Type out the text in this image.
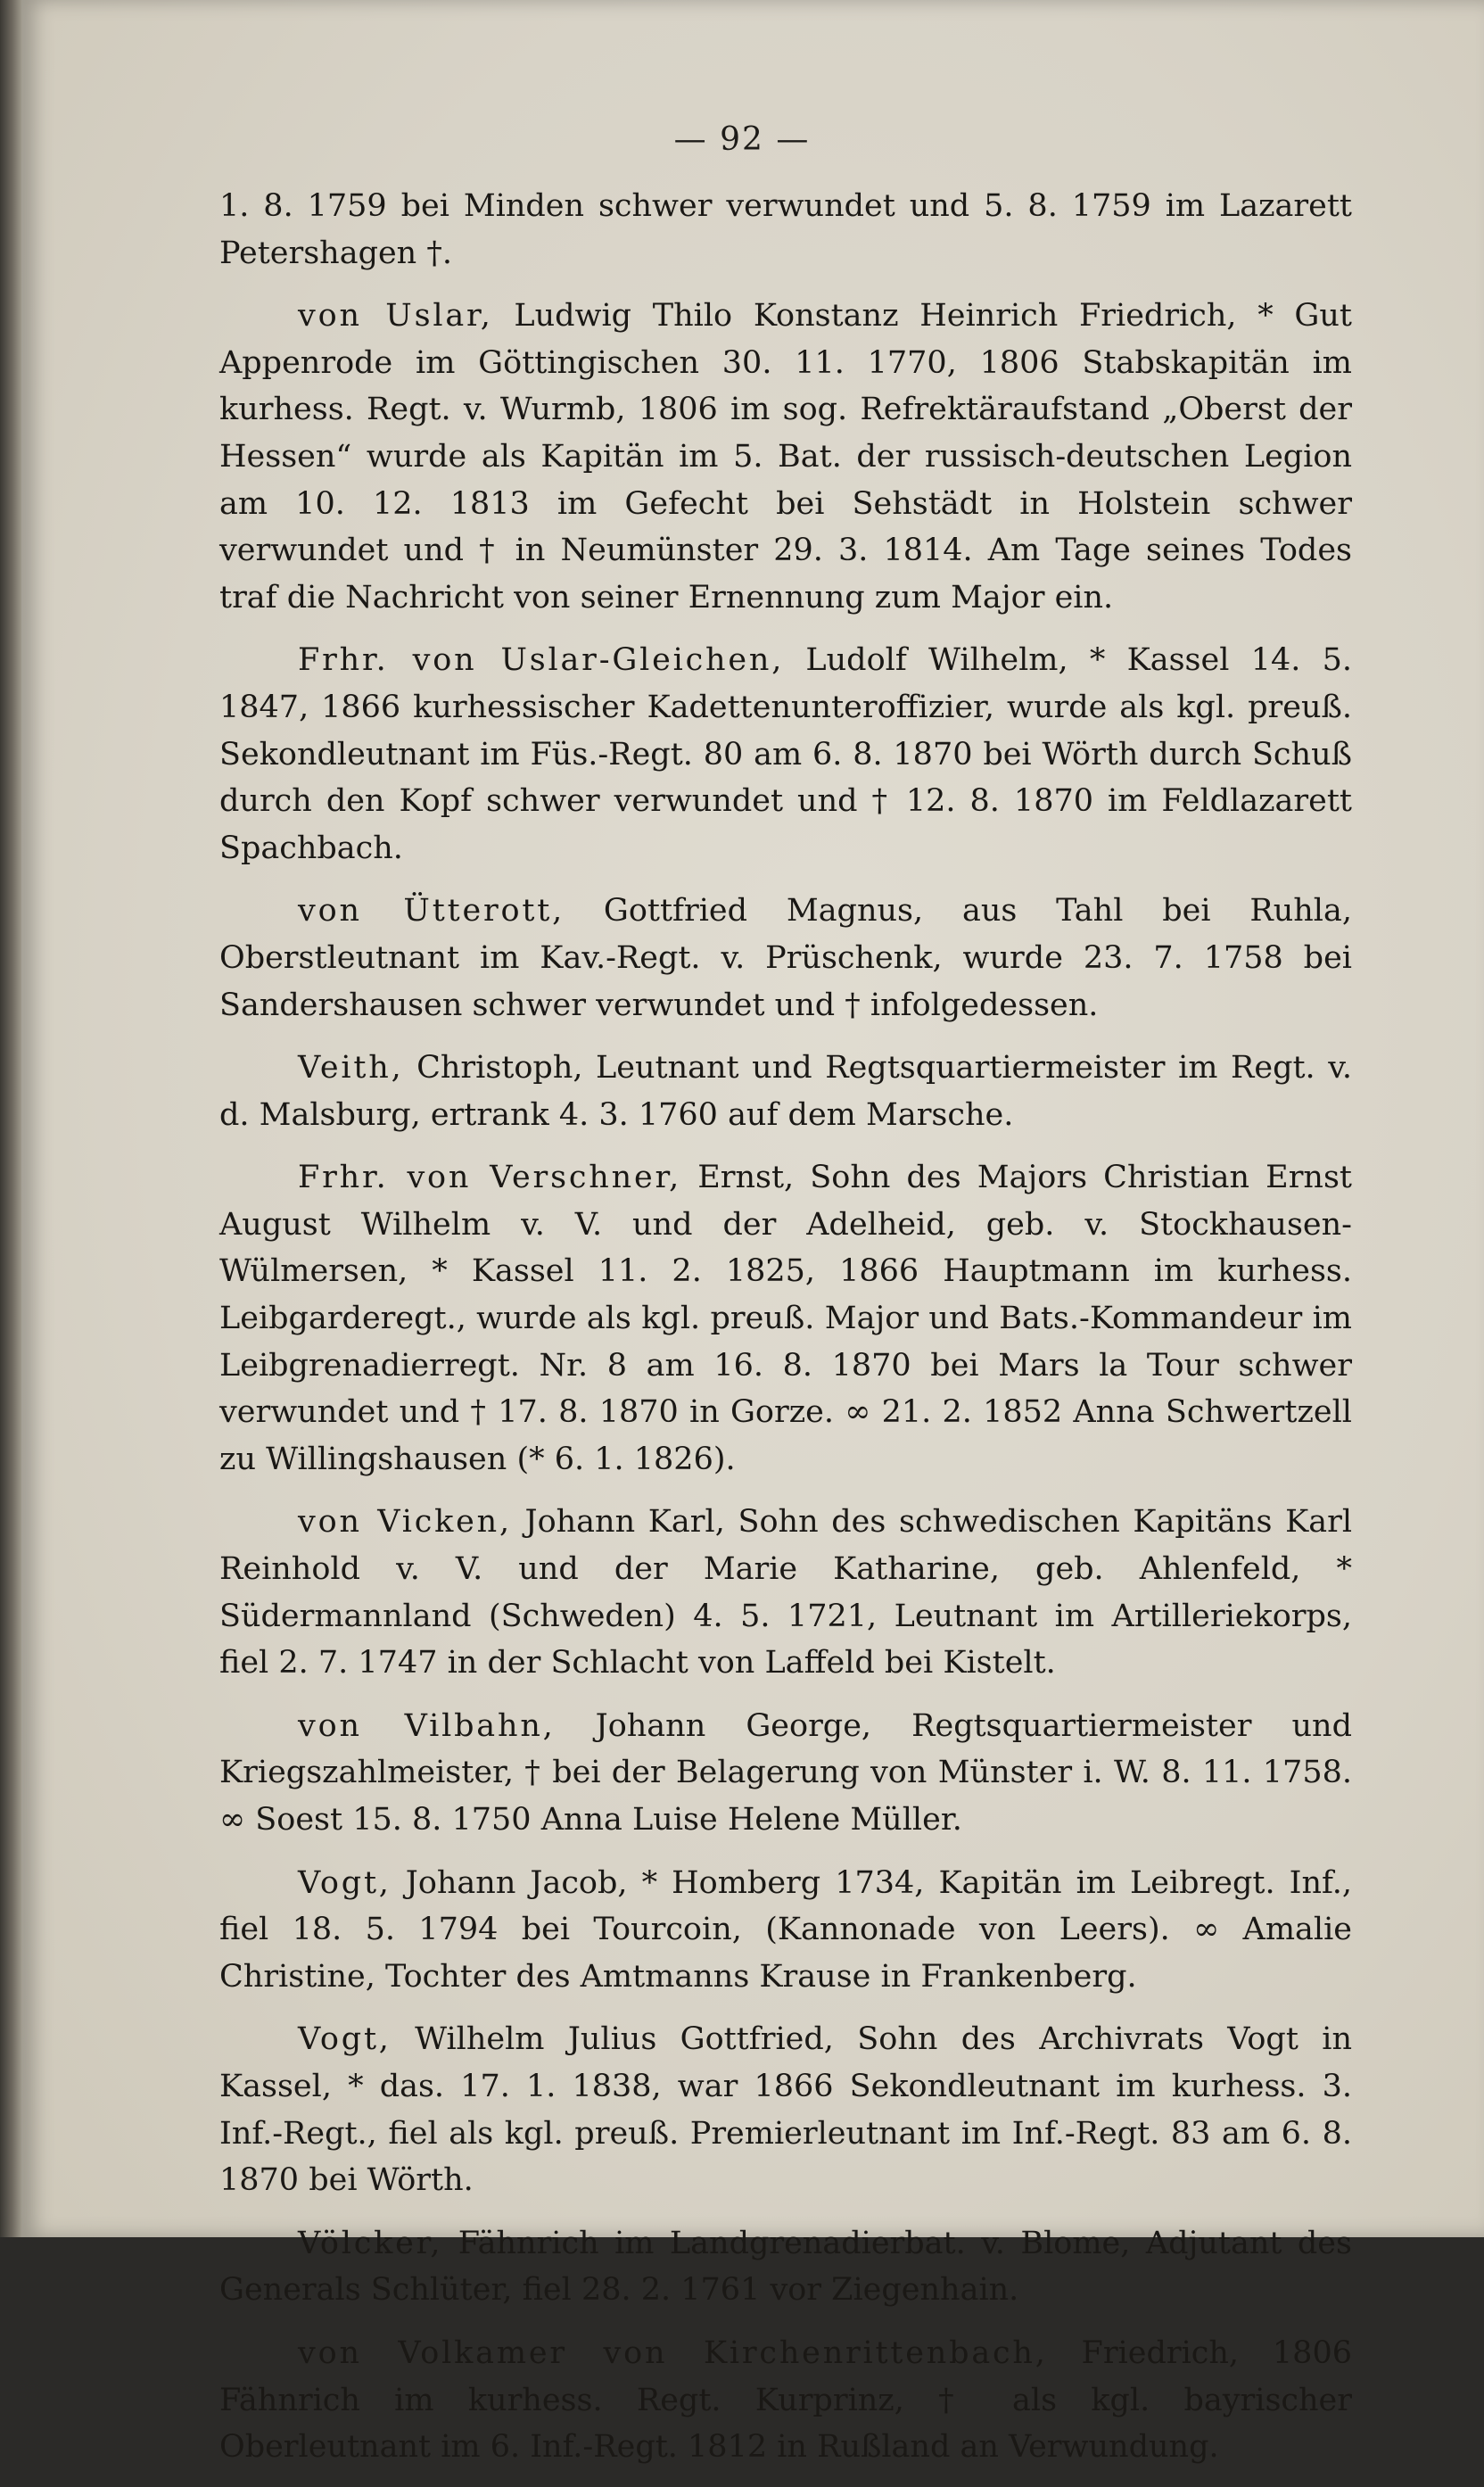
— 92 —

1. 8. 1759 bei Minden schwer verwundet und 5. 8. 1759 im Lazarett Petershagen †.

von Uslar, Ludwig Thilo Konstanz Heinrich Friedrich, * Gut Appenrode im Göttingischen 30. 11. 1770, 1806 Stabskapitän im kurhess. Regt. v. Wurmb, 1806 im sog. Refrektäraufstand „Oberst der Hessen“ wurde als Kapitän im 5. Bat. der russisch-deutschen Legion am 10. 12. 1813 im Gefecht bei Sehstädt in Holstein schwer verwundet und † in Neumünster 29. 3. 1814. Am Tage seines Todes traf die Nachricht von seiner Ernennung zum Major ein.

Frhr. von Uslar-Gleichen, Ludolf Wilhelm, * Kassel 14. 5. 1847, 1866 kurhessischer Kadettenunteroffizier, wurde als kgl. preuß. Sekondleutnant im Füs.-Regt. 80 am 6. 8. 1870 bei Wörth durch Schuß durch den Kopf schwer verwundet und † 12. 8. 1870 im Feldlazarett Spachbach.

von Ütterott, Gottfried Magnus, aus Tahl bei Ruhla, Oberstleutnant im Kav.-Regt. v. Prüschenk, wurde 23. 7. 1758 bei Sandershausen schwer verwundet und † infolgedessen.

Veith, Christoph, Leutnant und Regtsquartiermeister im Regt. v. d. Malsburg, ertrank 4. 3. 1760 auf dem Marsche.

Frhr. von Verschner, Ernst, Sohn des Majors Christian Ernst August Wilhelm v. V. und der Adelheid, geb. v. Stockhausen-Wülmersen, * Kassel 11. 2. 1825, 1866 Hauptmann im kurhess. Leibgarderegt., wurde als kgl. preuß. Major und Bats.-Kommandeur im Leibgrenadierregt. Nr. 8 am 16. 8. 1870 bei Mars la Tour schwer verwundet und † 17. 8. 1870 in Gorze. ∞ 21. 2. 1852 Anna Schwertzell zu Willingshausen (* 6. 1. 1826).

von Vicken, Johann Karl, Sohn des schwedischen Kapitäns Karl Reinhold v. V. und der Marie Katharine, geb. Ahlenfeld, * Südermannland (Schweden) 4. 5. 1721, Leutnant im Artilleriekorps, fiel 2. 7. 1747 in der Schlacht von Laffeld bei Kistelt.

von Vilbahn, Johann George, Regtsquartiermeister und Kriegszahlmeister, † bei der Belagerung von Münster i. W. 8. 11. 1758. ∞ Soest 15. 8. 1750 Anna Luise Helene Müller.

Vogt, Johann Jacob, * Homberg 1734, Kapitän im Leibregt. Inf., fiel 18. 5. 1794 bei Tourcoin, (Kannonade von Leers). ∞ Amalie Christine, Tochter des Amtmanns Krause in Frankenberg.

Vogt, Wilhelm Julius Gottfried, Sohn des Archivrats Vogt in Kassel, * das. 17. 1. 1838, war 1866 Sekondleutnant im kurhess. 3. Inf.-Regt., fiel als kgl. preuß. Premierleutnant im Inf.-Regt. 83 am 6. 8. 1870 bei Wörth.

Völcker, Fähnrich im Landgrenadierbat. v. Blome, Adjutant des Generals Schlüter, fiel 28. 2. 1761 vor Ziegenhain.

von Volkamer von Kirchenrittenbach, Friedrich, 1806 Fähnrich im kurhess. Regt. Kurprinz, † als kgl. bayrischer Oberleutnant im 6. Inf.-Regt. 1812 in Rußland an Verwundung.
